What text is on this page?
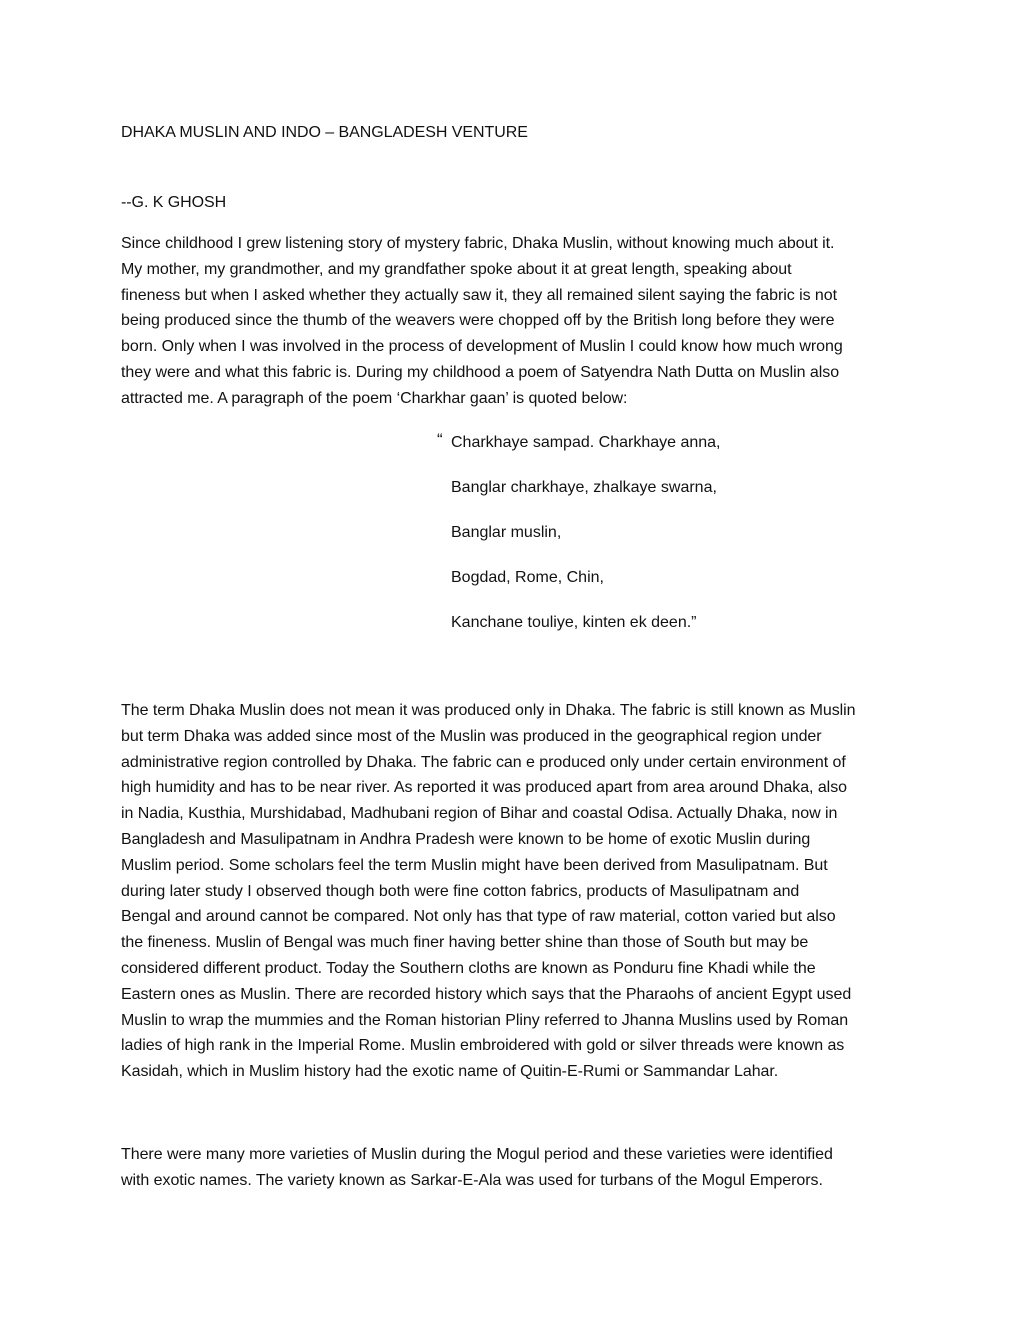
DHAKA MUSLIN AND INDO – BANGLADESH VENTURE
--G. K GHOSH
Since childhood I grew listening story of mystery fabric, Dhaka Muslin, without knowing much about it.
My mother, my grandmother, and my grandfather spoke about it at great length, speaking about
fineness but when I asked whether they actually saw it, they all remained silent saying the fabric is not
being produced since the thumb of the weavers were chopped off by the British long before they were
born. Only when I was involved in the process of development of Muslin I could know how much wrong
they were and what this fabric is. During my childhood a poem of Satyendra Nath Dutta on Muslin also
attracted me. A paragraph of the poem ‘Charkhar gaan’ is quoted below:
“ Charkhaye sampad. Charkhaye anna,
Banglar charkhaye, zhalkaye swarna,
Banglar muslin,
Bogdad, Rome, Chin,
Kanchane touliye, kinten ek deen.”
The term Dhaka Muslin does not mean it was produced only in Dhaka. The fabric is still known as Muslin
but term Dhaka was added since most of the Muslin was produced in the geographical region under
administrative region controlled by Dhaka. The fabric can e produced only under certain environment of
high humidity and has to be near river. As reported it was produced apart from area around Dhaka, also
in Nadia, Kusthia, Murshidabad, Madhubani region of Bihar and coastal Odisa. Actually Dhaka, now in
Bangladesh and Masulipatnam in Andhra Pradesh were known to be home of exotic Muslin during
Muslim period. Some scholars feel the term Muslin might have been derived from Masulipatnam. But
during later study I observed though both were fine cotton fabrics, products of Masulipatnam and
Bengal and around cannot be compared. Not only has that type of raw material, cotton varied but also
the fineness. Muslin of Bengal was much finer having better shine than those of South but may be
considered different product. Today the Southern cloths are known as Ponduru fine Khadi while the
Eastern ones as Muslin. There are recorded history which says that the Pharaohs of ancient Egypt used
Muslin to wrap the mummies and the Roman historian Pliny referred to Jhanna Muslins used by Roman
ladies of high rank in the Imperial Rome. Muslin embroidered with gold or silver threads were known as
Kasidah, which in Muslim history had the exotic name of Quitin-E-Rumi or Sammandar Lahar.
There were many more varieties of Muslin during the Mogul period and these varieties were identified
with exotic names. The variety known as Sarkar-E-Ala was used for turbans of the Mogul Emperors.
